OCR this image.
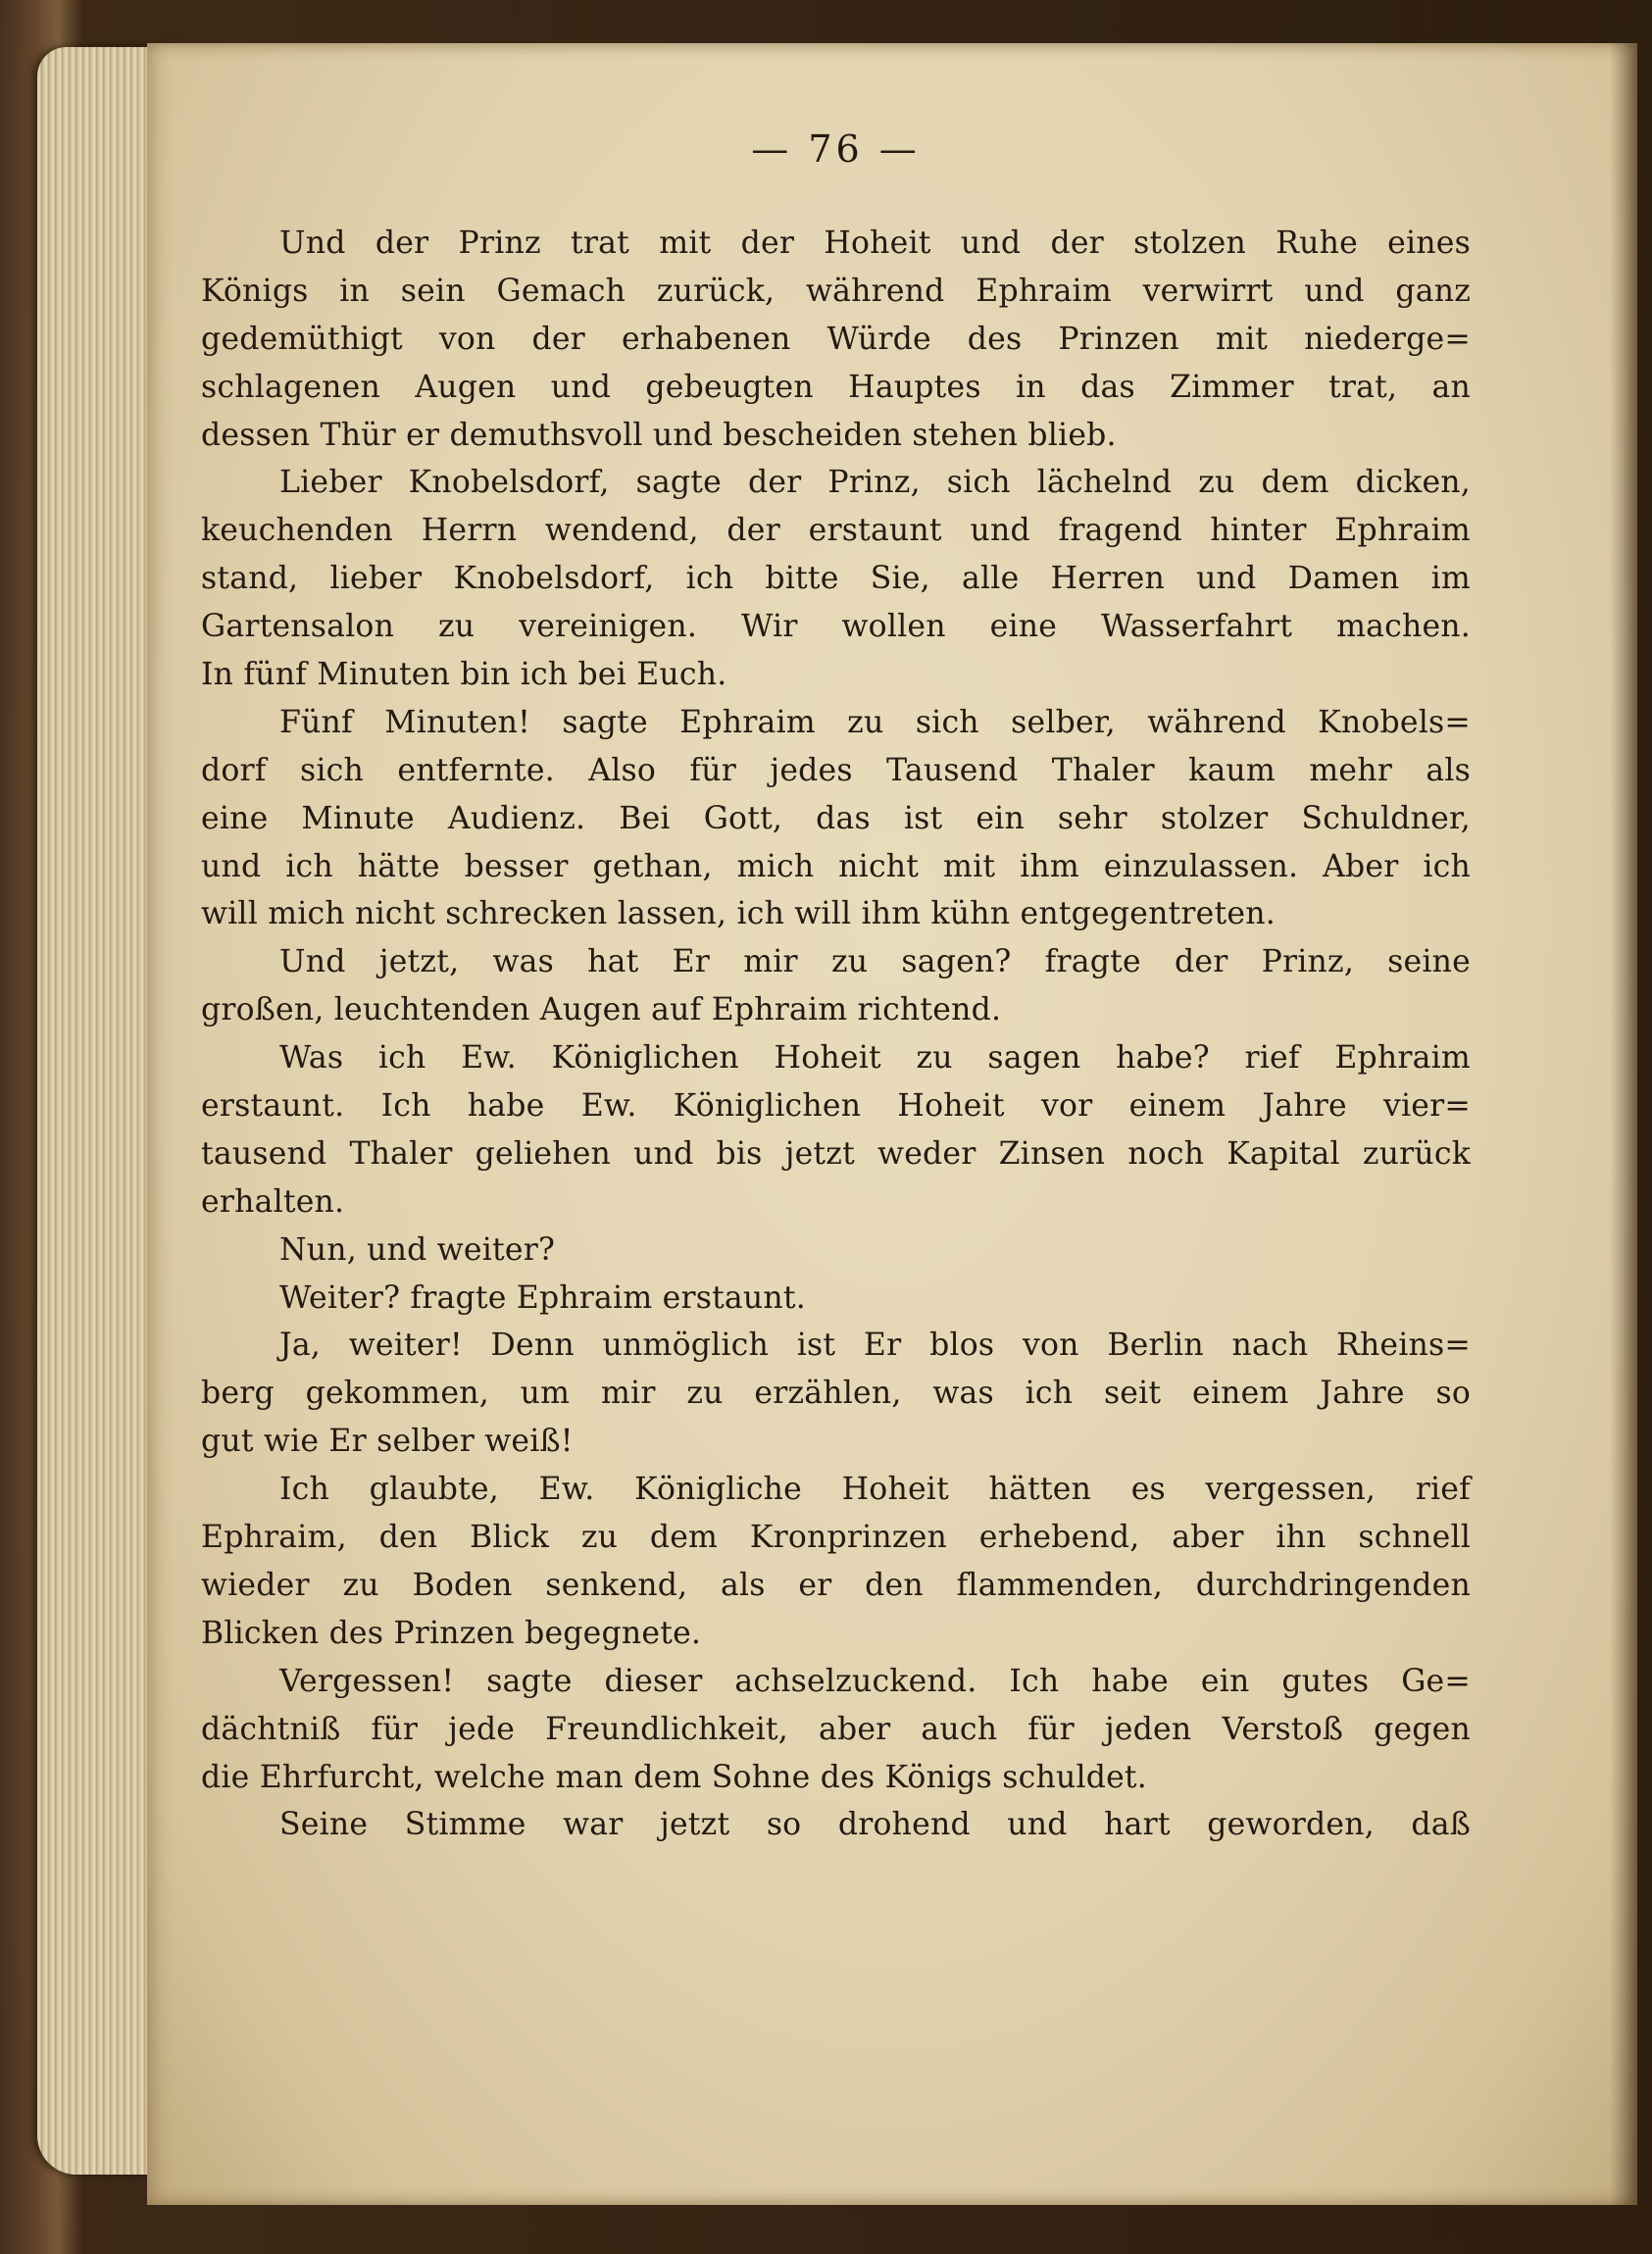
— 76 —
Und der Prinz trat mit der Hoheit und der stolzen Ruhe eines
Königs in sein Gemach zurück, während Ephraim verwirrt und ganz
gedemüthigt von der erhabenen Würde des Prinzen mit niederge=
schlagenen Augen und gebeugten Hauptes in das Zimmer trat, an
dessen Thür er demuthsvoll und bescheiden stehen blieb.
Lieber Knobelsdorf, sagte der Prinz, sich lächelnd zu dem dicken,
keuchenden Herrn wendend, der erstaunt und fragend hinter Ephraim
stand, lieber Knobelsdorf, ich bitte Sie, alle Herren und Damen im
Gartensalon zu vereinigen. Wir wollen eine Wasserfahrt machen.
In fünf Minuten bin ich bei Euch.
Fünf Minuten! sagte Ephraim zu sich selber, während Knobels=
dorf sich entfernte. Also für jedes Tausend Thaler kaum mehr als
eine Minute Audienz. Bei Gott, das ist ein sehr stolzer Schuldner,
und ich hätte besser gethan, mich nicht mit ihm einzulassen. Aber ich
will mich nicht schrecken lassen, ich will ihm kühn entgegentreten.
Und jetzt, was hat Er mir zu sagen? fragte der Prinz, seine
großen, leuchtenden Augen auf Ephraim richtend.
Was ich Ew. Königlichen Hoheit zu sagen habe? rief Ephraim
erstaunt. Ich habe Ew. Königlichen Hoheit vor einem Jahre vier=
tausend Thaler geliehen und bis jetzt weder Zinsen noch Kapital zurück
erhalten.
Nun, und weiter?
Weiter? fragte Ephraim erstaunt.
Ja, weiter! Denn unmöglich ist Er blos von Berlin nach Rheins=
berg gekommen, um mir zu erzählen, was ich seit einem Jahre so
gut wie Er selber weiß!
Ich glaubte, Ew. Königliche Hoheit hätten es vergessen, rief
Ephraim, den Blick zu dem Kronprinzen erhebend, aber ihn schnell
wieder zu Boden senkend, als er den flammenden, durchdringenden
Blicken des Prinzen begegnete.
Vergessen! sagte dieser achselzuckend. Ich habe ein gutes Ge=
dächtniß für jede Freundlichkeit, aber auch für jeden Verstoß gegen
die Ehrfurcht, welche man dem Sohne des Königs schuldet.
Seine Stimme war jetzt so drohend und hart geworden, daß
